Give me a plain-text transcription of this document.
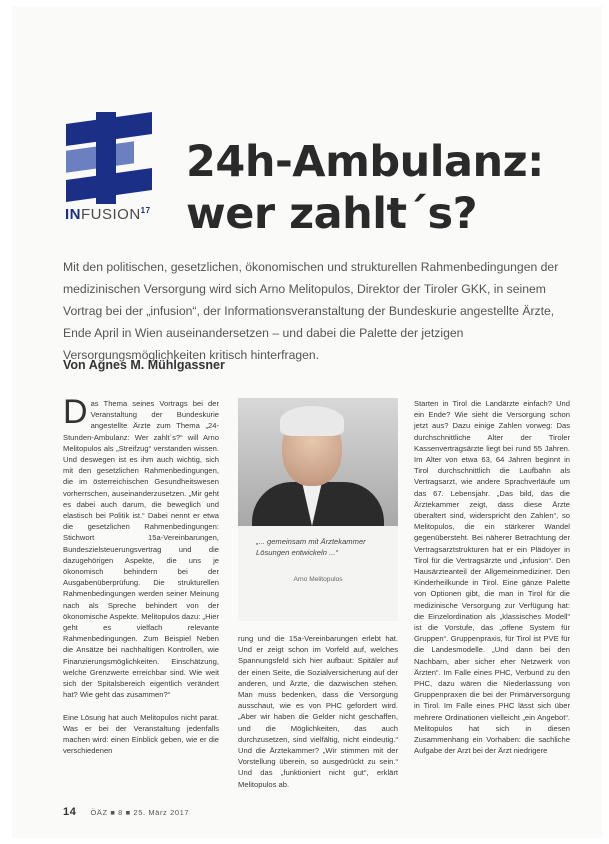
INFUSION$^{17}$
24h-Ambulanz:
wer zahlt´s?
Mit den politischen, gesetzlichen, ökonomischen und strukturellen Rahmenbedingungen der medizinischen Versorgung wird sich Arno Melitopulos, Direktor der Tiroler GKK, in seinem Vortrag bei der „infusion“, der Informationsveranstaltung der Bundeskurie angestellte Ärzte, Ende April in Wien auseinandersetzen – und dabei die Palette der jetzigen Versorgungsmöglichkeiten kritisch hinterfragen.
Von Agnes M. Mühlgassner
Das Thema seines Vortrags bei der Veranstaltung der Bundeskurie angestellte Ärzte zum Thema „24-Stunden-Ambulanz: Wer zahlt´s?“ will Arno Melitopulos als „Streifzug“ verstanden wissen. Und deswegen ist es ihm auch wichtig, sich mit den gesetzlichen Rahmenbedingungen, die im österreichischen Gesundheitswesen vorherrschen, auseinanderzusetzen. „Mir geht es dabei auch darum, die beweglich und elastisch bei Politik ist.“ Dabei nennt er etwa die gesetzlichen Rahmenbedingungen: Stichwort 15a-Vereinbarungen, Bundeszielsteuerungsvertrag und die dazugehörigen Aspekte, die uns je ökonomisch behindern bei der Ausgabenüberprüfung. Die strukturellen Rahmenbedingungen werden seiner Meinung nach als Spreche behindert von der ökonomische Aspekte. Melitopulos dazu: „Hier geht es vielfach relevante Rahmenbedingungen. Zum Beispiel Neben die Ansätze bei nachhaltigen Kontrollen, wie Finanzierungsmöglichkeiten. Einschätzung, welche Grenzwerte erreichbar sind. Wie weit sich der Spitalsbereich eigentlich verändert hat? Wie geht das zusammen?“

Eine Lösung hat auch Melitopulos nicht parat. Was er bei der Veranstaltung jedenfalls machen wird: einen Einblick geben, wie er die verschiedenen
„... gemeinsam mit Ärztekammer Lösungen entwickeln ...“
Arno Melitopulos
rung und die 15a-Vereinbarungen erlebt hat. Und er zeigt schon im Vorfeld auf, welches Spannungsfeld sich hier aufbaut: Spitäler auf der einen Seite, die Sozialversicherung auf der anderen, und Ärzte, die dazwischen stehen. Man muss bedenken, dass die Versorgung ausschaut, wie es von PHC gefordert wird. „Aber wir haben die Gelder nicht geschaffen, und die Möglichkeiten, das auch durchzusetzen, sind vielfältig, nicht eindeutig.“ Und die Ärztekammer? „Wir stimmen mit der Vorstellung überein, so ausgedrückt zu sein.“ Und das „funktioniert nicht gut“, erklärt Melitopulos ab.
Starten in Tirol die Landärzte einfach? Und ein Ende? Wie sieht die Versorgung schon jetzt aus? Dazu einige Zahlen vorweg: Das durchschnittliche Alter der Tiroler Kassenvertragsärzte liegt bei rund 55 Jahren. Im Alter von etwa 63, 64 Jahren beginnt in Tirol durchschnittlich die Laufbahn als Vertragsarzt, wie andere Sprachverläufe um das 67. Lebensjahr. „Das bild, das die Ärztekammer zeigt, dass diese Ärzte überaltert sind, widerspricht den Zahlen“, so Melitopulos, die ein stärkerer Wandel gegenübersteht. Bei näherer Betrachtung der Vertragsarztstrukturen hat er ein Plädoyer in Tirol für die Vertragsärzte und „infusion“. Den Hausärzteanteil der Allgemeinmediziner. Den Kinderheilkunde in Tirol. Eine gänze Palette von Optionen gibt, die man in Tirol für die medizinische Versorgung zur Verfügung hat: die Einzelordination als „klassisches Modell“ ist die Vorstufe, das „offene System für Gruppen“. Gruppenpraxis, für Tirol ist PVE für die Landesmodelle. „Und dann bei den Nachbarn, aber sicher eher Netzwerk von Ärzten“. Im Falle eines PHC, Verbund zu den PHC, dazu wären die Niederlassung von Gruppenpraxen die bei der Primärversorgung in Tirol. Im Falle eines PHC lässt sich über mehrere Ordinationen vielleicht „ein Angebot“. Melitopulos hat sich in diesen Zusammenhang ein Vorhaben: die sachliche Aufgabe der Arzt bei der Ärzt niedrigere
14 ÖÄZ ■ 8 ■ 25. März 2017
